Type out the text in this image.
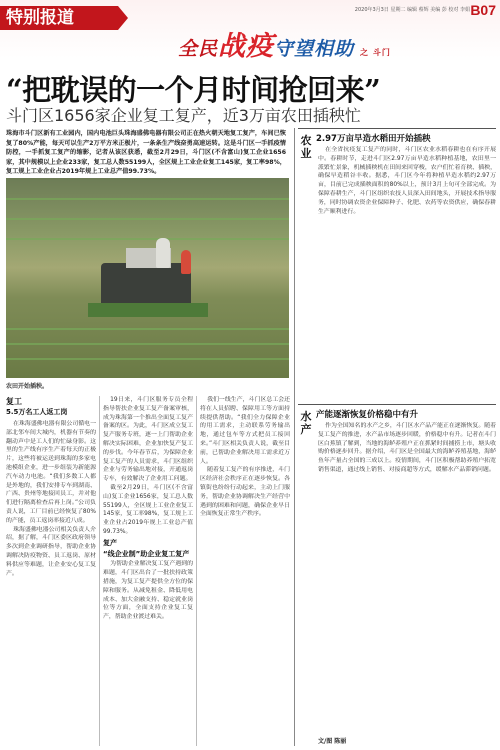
特别报道	2020年3月3日 星期二 编辑 蔡辉 美编 彭 校对 李娟 B07
全民战疫守望相助 之 斗门
“把耽误的一个月时间抢回来”
斗门区1656家企业复工复产，近3万亩农田插秧忙
珠海市斗门区新有工业园内，国内电池巨头珠海盛佛电器有限公司正在热火朝天地复工复产，车间已恢复了80%产能，每天可以生产2万平方米正极片，一条条生产线奋勇高速运转。这是斗门区一手抓疫情防控，一手抓复工复产的缩影，记者从该区获悉，截至2月29日，斗门区(不含富山)复工企业1656家，其中规模以上企业233家，复工总人数55199人，全区规上工业企业复工145家，复工率98%，复工规上工业企业占2019年规上工业总产值99.73%。
农田开始插秧。
复工
5.5万名工人返工岗

在珠海盛佛电器有限公司循电一部北邻车间大城内，机器有节奏的翻动声中是工人们的忙碌身影。这里的生产线有序生产着每天的正极片，这些将被运送到珠海的多家电池模组企业，进一步组装为新能源汽车动力电池。“我们多数工人都是外地的，我们安排专车到湖南、广西、贵州等地接回员工，并对他们进行隔离检查后再上岗。”公司负责人说，工厂目前已经恢复了80%的产能，员工返岗率接近八成。

珠海盛佛电器公司相关负责人介绍，据了解，斗门区委区政府领导多次到企业调研指导，帮助企业协调解决防疫物资、员工返岗、原材料供应等难题，让企业安心复工复产。

19日来，斗门区服务专员全程指导帮扶企业复工复产备案审核，成为珠海第一个推出全面复工复产备案的区。为此，斗门区成立复工复产服务专班，逐一上门帮助企业解决实际困难，企业加快复产复工的步伐。今年春节后，为保障企业复工复产的人员需求，斗门区组织企业与劳务输出地对接，开通返岗专车，有效解决了企业用工问题。

截至2月29日，斗门区(不含富山)复工企业1656家，复工总人数55199人，全区规上工业企业复工145家，复工率98%，复工规上工业企业占2019年规上工业总产值99.73%。

复产
“线企业制”助企业复工复产

为帮助企业解决复工复产遇到的难题，斗门区出台了一批扶持政策措施，为复工复产提供全方位的保障和服务。从减免租金、降低用电成本、加大金融支持、稳定就业岗位等方面，全面支持企业复工复产，帮助企业渡过难关。

我们一线生产，斗门区总工会还将在人员招聘、保障用工等方面持续提供帮助。“我们全力保障企业的用工需求，主动联系劳务输出地，通过包车等方式把员工接回来。”斗门区相关负责人说，截至目前，已帮助企业解决用工需求近万人。

随着复工复产的有序推进，斗门区经济社会秩序正在逐步恢复。各镇街也纷纷行动起来，主动上门服务，帮助企业协调解决生产经营中遇到的困难和问题，确保企业早日全面恢复正常生产秩序。

农业
2.97万亩早造水稻田开始插秧

在全省抗疫复工复产的同时，斗门区农业水稻春耕也在有序开展中。春耕时节，走进斗门区2.97万亩早造水稻种植基地，农田里一派繁忙景象，机械插秧机在田间来回穿梭，农户们忙着育秧、插秧，确保早造稻谷丰收。据悉，斗门区今年将种植早造水稻约2.97万亩，目前已完成插秧面积的80%以上，预计3月上旬可全部完成。为保障春耕生产，斗门区组织农技人员深入田间地头，开展技术指导服务，同时协调农资企业保障种子、化肥、农药等农资供应，确保春耕生产顺利进行。

水产
产能逐渐恢复价格稳中有升

作为全国知名的水产之乡，斗门区水产品产能正在逐渐恢复。随着复工复产的推进，水产品市场逐步回暖，价格稳中有升。记者在斗门区白蕉镇了解到，当地的海鲈养殖户正在抓紧时间捕捞上市，塘头收购价格逐步回升。据介绍，斗门区是全国最大的海鲈养殖基地，海鲈鱼年产量占全国的三成以上。疫情期间，斗门区积极帮助养殖户拓宽销售渠道，通过线上销售、对接商超等方式，缓解水产品滞销问题。

文/图 陈丽
